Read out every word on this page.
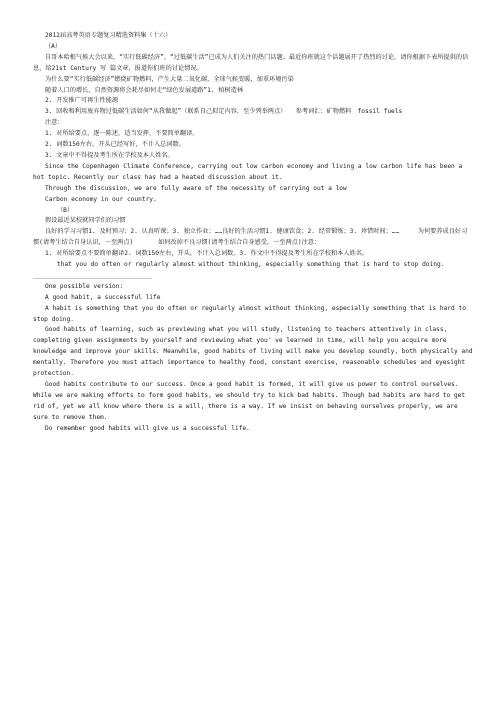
2012届高考英语专题复习精选资料集（十六）

（A）

自哥本哈根气候大会以来，“实行低碳经济”，“过低碳生活”已成为人们关注的热门话题。最近你班就这个话题展开了热烈的讨论。请你根据下表所提供的信息，给21st Century 写 篇文章，报道你们班的讨论情况。

为什么要“实行低碳经济”燃烧矿物燃料，产生大量二氧化碳，全球气候变暖，加重环境污染

随着人口的增长，自然资源将会耗尽如何走“绿色发展道路”1. 植树造林

2. 开发推广可再生性能源

3. 回收和利用废弃物过低碳生活如何“从我做起”（联系自己拟定内容，至少列举两点）　　参考词汇：矿物燃料　fossil fuels

注意：

1. 对所给要点，逐一陈述，适当发挥，不要简单翻译。

2. 词数150左右，开头已经写好，不计入总词数。

3. 文章中不得提及考生所在学校及本人姓名。

Since the Copenhagen Climate Conference, carrying out low carbon economy and living a low carbon life has been a hot topic. Recently our class has had a heated discussion about it.

Through the discussion, we are fully aware of the necessity of carrying out a low

Carbon economy in our country.

（B）

假设最近某校就同学们的习惯

良好的学习习惯1. 及时预习；2. 认真听课；3. 独立作业；……良好的生活习惯1. 健康饮食；2. 经常锻炼；3. 珍惜时间；……　　　为何要养成良好习惯(请考生结合自身认识，一至两点)　　　　如何改掉不良习惯(请考生结合自身感受，一至两点)注意：

1. 对所给要点不要简单翻译2. 词数150左右，开头，不计入总词数。3. 作文中不得提及考生所在学校和本人姓名。

that you do often or regularly almost without thinking, especially something that is hard to stop doing. ________________________________

One possible version:

A good habit, a successful life

A habit is something that you do often or regularly almost without thinking, especially something that is hard to stop doing.

Good habits of learning, such as previewing what you will study, listening to teachers attentively in class, completing given assignments by yourself and reviewing what you' ve learned in time, will help you acquire more knowledge and improve your skills. Meanwhile, good habits of living will make you develop soundly, both physically and mentally. Therefore you must attach importance to healthy food, constant exercise, reasonable schedules and eyesight protection.

Good habits contribute to our success. Once a good habit is formed, it will give us power to control ourselves. While we are making efforts to form good habits, we should try to kick bad habits. Though bad habits are hard to get rid of, yet we all know where there is a will, there is a way. If we insist on behaving ourselves properly, we are sure to remove them.

Do remember good habits will give us a successful life.
